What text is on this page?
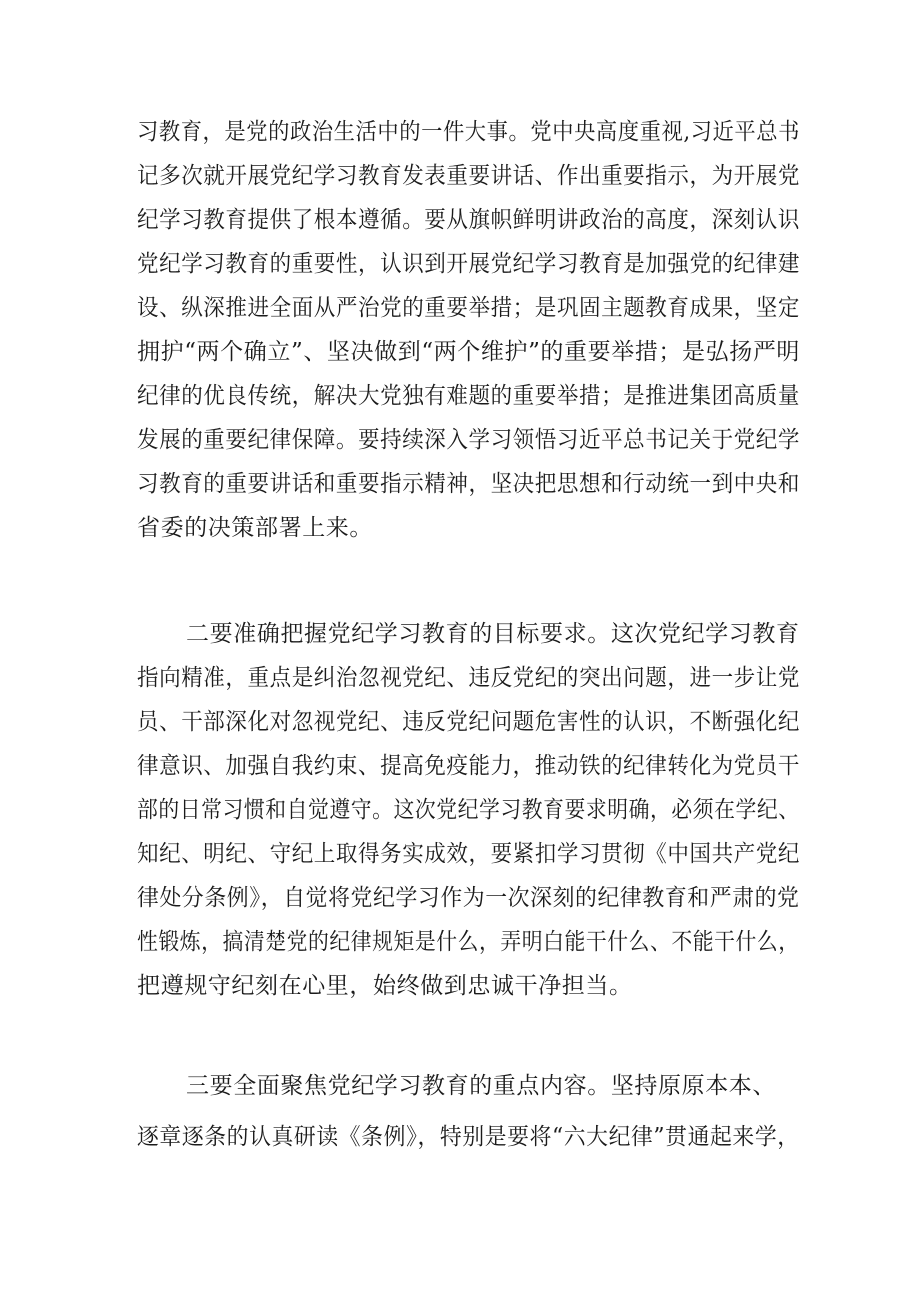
习教育，是党的政治生活中的一件大事。党中央高度重视,习近平总书
记多次就开展党纪学习教育发表重要讲话、作出重要指示，为开展党
纪学习教育提供了根本遵循。要从旗帜鲜明讲政治的高度，深刻认识
党纪学习教育的重要性，认识到开展党纪学习教育是加强党的纪律建
设、纵深推进全面从严治党的重要举措；是巩固主题教育成果，坚定
拥护“两个确立”、坚决做到“两个维护”的重要举措；是弘扬严明
纪律的优良传统，解决大党独有难题的重要举措；是推进集团高质量
发展的重要纪律保障。要持续深入学习领悟习近平总书记关于党纪学
习教育的重要讲话和重要指示精神，坚决把思想和行动统一到中央和
省委的决策部署上来。
二要准确把握党纪学习教育的目标要求。这次党纪学习教育
指向精准，重点是纠治忽视党纪、违反党纪的突出问题，进一步让党
员、干部深化对忽视党纪、违反党纪问题危害性的认识，不断强化纪
律意识、加强自我约束、提高免疫能力，推动铁的纪律转化为党员干
部的日常习惯和自觉遵守。这次党纪学习教育要求明确，必须在学纪、
知纪、明纪、守纪上取得务实成效，要紧扣学习贯彻《中国共产党纪
律处分条例》，自觉将党纪学习作为一次深刻的纪律教育和严肃的党
性锻炼，搞清楚党的纪律规矩是什么，弄明白能干什么、不能干什么，
把遵规守纪刻在心里，始终做到忠诚干净担当。
三要全面聚焦党纪学习教育的重点内容。坚持原原本本、
逐章逐条的认真研读《条例》，特别是要将“六大纪律”贯通起来学，
